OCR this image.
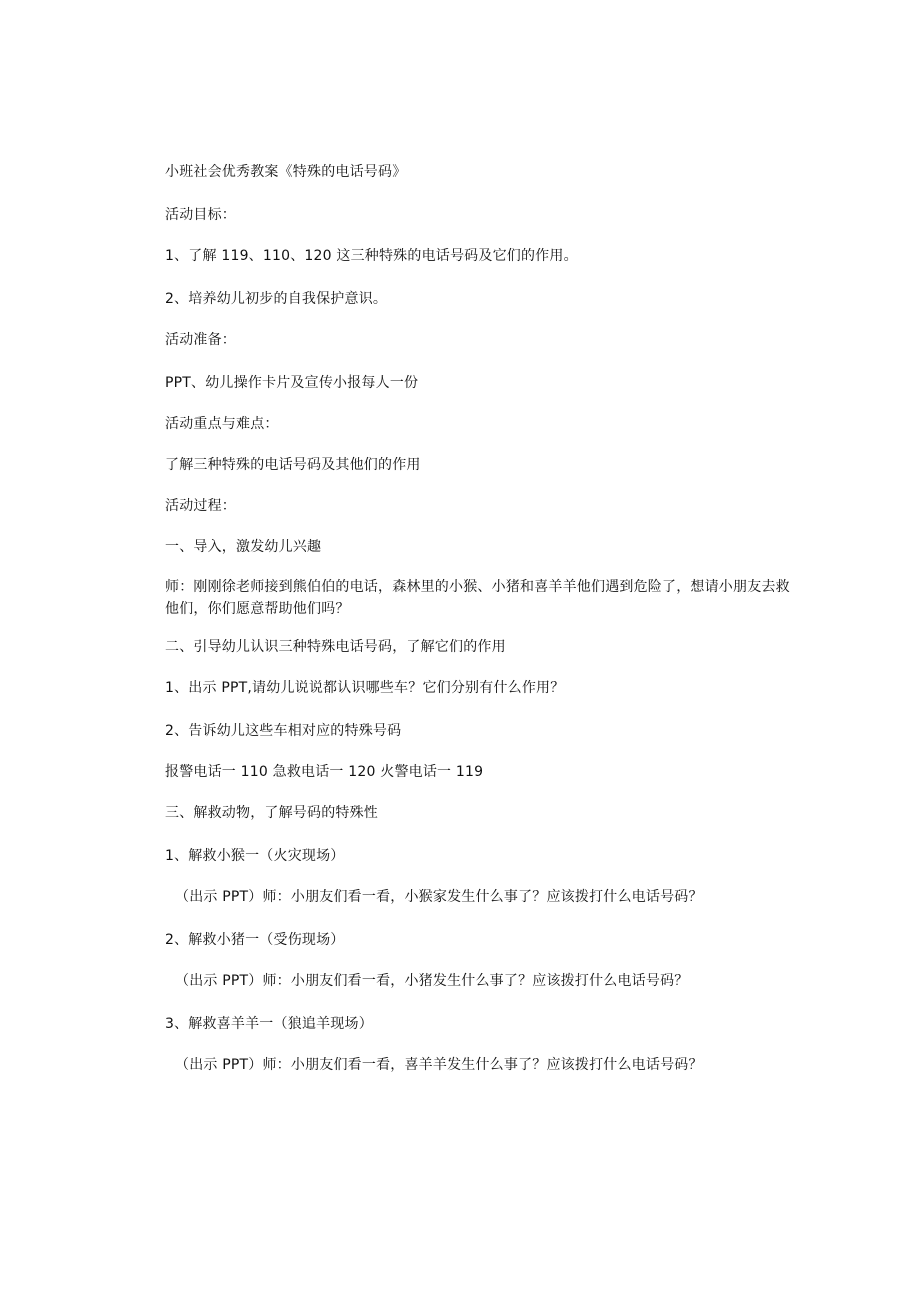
小班社会优秀教案《特殊的电话号码》
活动目标：
1、了解 119、110、120 这三种特殊的电话号码及它们的作用。
2、培养幼儿初步的自我保护意识。
活动准备：
PPT、幼儿操作卡片及宣传小报每人一份
活动重点与难点：
了解三种特殊的电话号码及其他们的作用
活动过程：
一、导入，激发幼儿兴趣
师：刚刚徐老师接到熊伯伯的电话，森林里的小猴、小猪和喜羊羊他们遇到危险了，想请小朋友去救他们，你们愿意帮助他们吗？
二、引导幼儿认识三种特殊电话号码，了解它们的作用
1、出示 PPT,请幼儿说说都认识哪些车？它们分别有什么作用？
2、告诉幼儿这些车相对应的特殊号码
报警电话一 110 急救电话一 120 火警电话一 119
三、解救动物，了解号码的特殊性
1、解救小猴一（火灾现场）
（出示 PPT）师：小朋友们看一看，小猴家发生什么事了？应该拨打什么电话号码？
2、解救小猪一（受伤现场）
（出示 PPT）师：小朋友们看一看，小猪发生什么事了？应该拨打什么电话号码？
3、解救喜羊羊一（狼追羊现场）
（出示 PPT）师：小朋友们看一看，喜羊羊发生什么事了？应该拨打什么电话号码？
